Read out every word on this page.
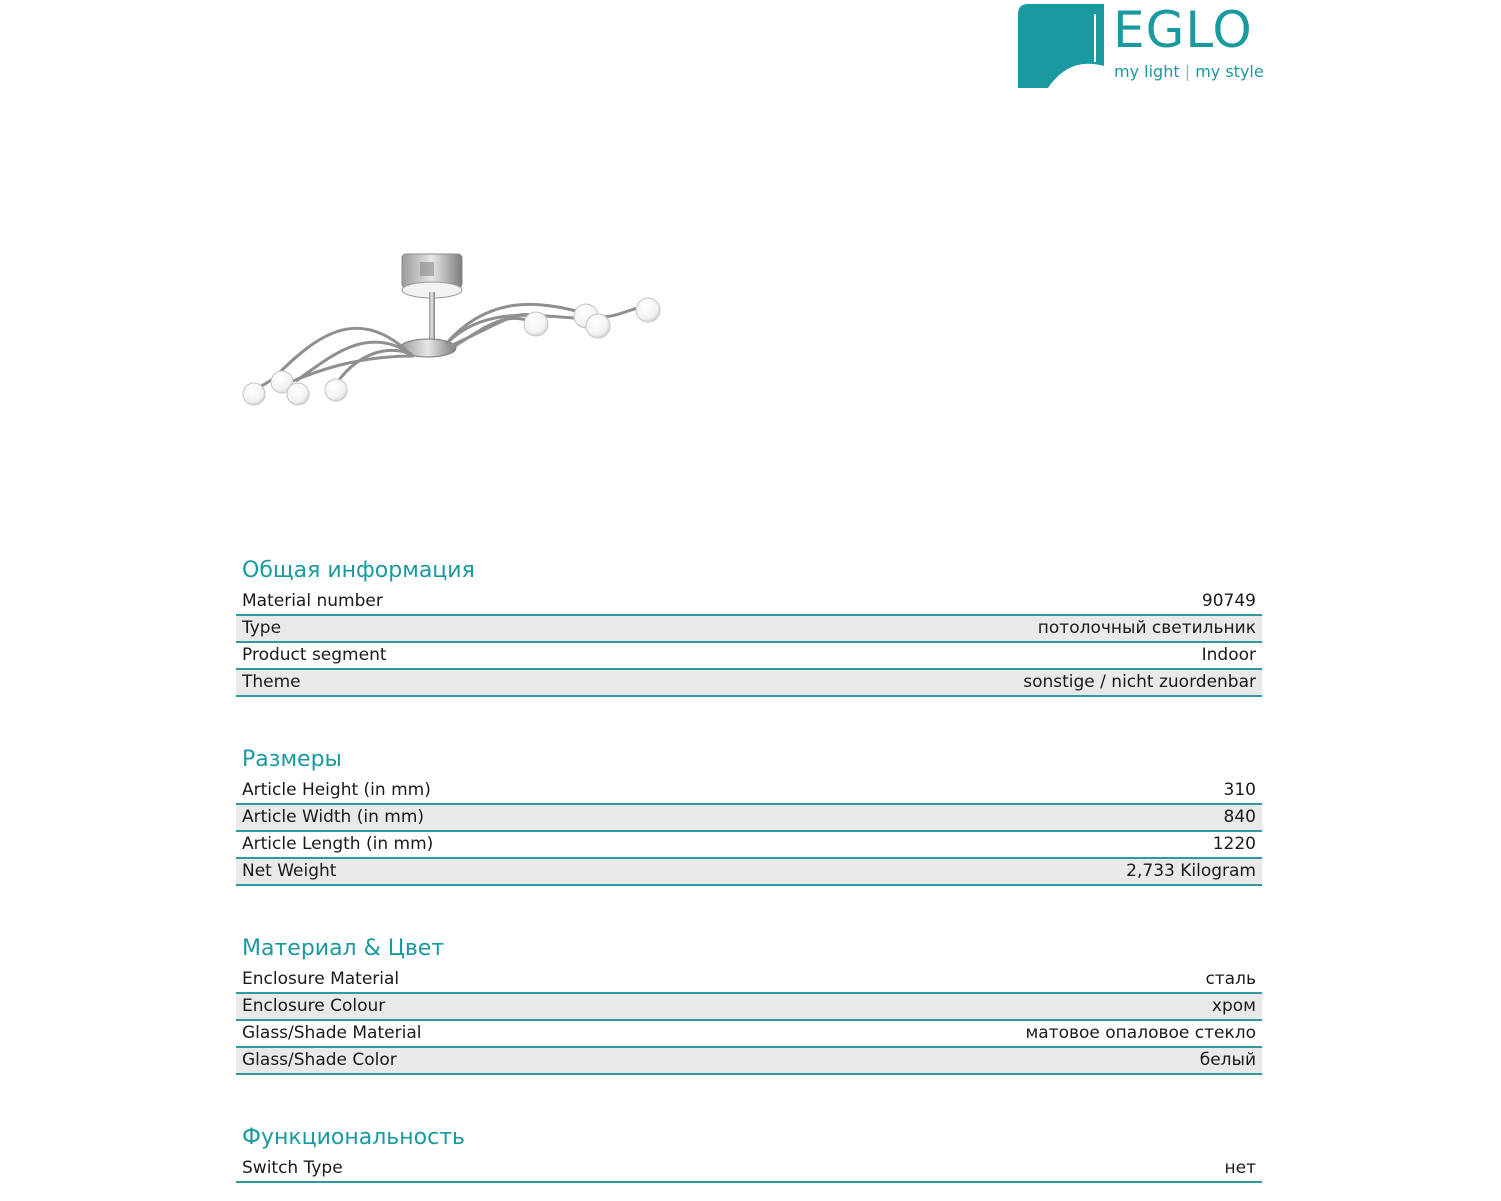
EGLO
my light | my style
Общая информация
Material number	90749
Type	потолочный светильник
Product segment	Indoor
Theme	sonstige / nicht zuordenbar
Размеры
Article Height (in mm)	310
Article Width (in mm)	840
Article Length (in mm)	1220
Net Weight	2,733 Kilogram
Материал & Цвет
Enclosure Material	сталь
Enclosure Colour	хром
Glass/Shade Material	матовое опаловое стекло
Glass/Shade Color	белый
Функциональность
Switch Type	нет
